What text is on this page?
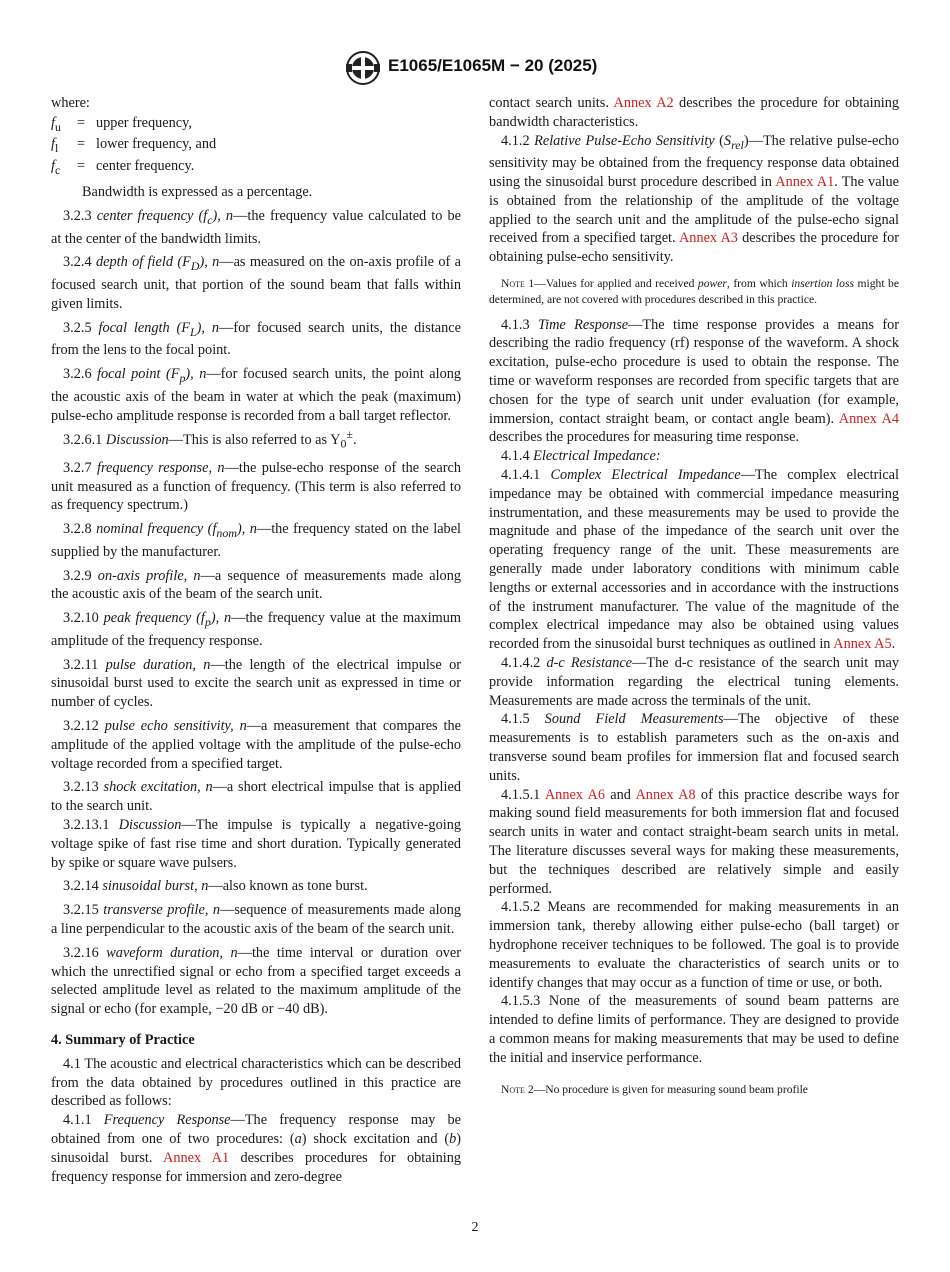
E1065/E1065M − 20 (2025)

where:

$f_u$	= upper frequency,
$f_l$	= lower frequency, and
$f_c$	= center frequency.

Bandwidth is expressed as a percentage.

3.2.3 center frequency $(f_c)$, n—the frequency value calculated to be at the center of the bandwidth limits.

3.2.4 depth of field $(F_D)$, n—as measured on the on-axis profile of a focused search unit, that portion of the sound beam that falls within given limits.

3.2.5 focal length $(F_L)$, n—for focused search units, the distance from the lens to the focal point.

3.2.6 focal point $(F_p)$, n—for focused search units, the point along the acoustic axis of the beam in water at which the peak (maximum) pulse-echo amplitude response is recorded from a ball target reflector.

3.2.6.1 Discussion—This is also referred to as $Y_0^\pm$.

3.2.7 frequency response, n—the pulse-echo response of the search unit measured as a function of frequency. (This term is also referred to as frequency spectrum.)

3.2.8 nominal frequency $(f_{nom})$, n—the frequency stated on the label supplied by the manufacturer.

3.2.9 on-axis profile, n—a sequence of measurements made along the acoustic axis of the beam of the search unit.

3.2.10 peak frequency $(f_p)$, n—the frequency value at the maximum amplitude of the frequency response.

3.2.11 pulse duration, n—the length of the electrical impulse or sinusoidal burst used to excite the search unit as expressed in time or number of cycles.

3.2.12 pulse echo sensitivity, n—a measurement that compares the amplitude of the applied voltage with the amplitude of the pulse-echo voltage recorded from a specified target.

3.2.13 shock excitation, n—a short electrical impulse that is applied to the search unit.

3.2.13.1 Discussion—The impulse is typically a negative-going voltage spike of fast rise time and short duration. Typically generated by spike or square wave pulsers.

3.2.14 sinusoidal burst, n—also known as tone burst.

3.2.15 transverse profile, n—sequence of measurements made along a line perpendicular to the acoustic axis of the beam of the search unit.

3.2.16 waveform duration, n—the time interval or duration over which the unrectified signal or echo from a specified target exceeds a selected amplitude level as related to the maximum amplitude of the signal or echo (for example, −20 dB or −40 dB).

4. Summary of Practice

4.1 The acoustic and electrical characteristics which can be described from the data obtained by procedures outlined in this practice are described as follows:

4.1.1 Frequency Response—The frequency response may be obtained from one of two procedures: (a) shock excitation and (b) sinusoidal burst. Annex A1 describes procedures for obtaining frequency response for immersion and zero-degree

contact search units. Annex A2 describes the procedure for obtaining bandwidth characteristics.

4.1.2 Relative Pulse-Echo Sensitivity $(S_{rel})—The$ relative pulse-echo sensitivity may be obtained from the frequency response data obtained using the sinusoidal burst procedure described in Annex A1. The value is obtained from the relationship of the amplitude of the voltage applied to the search unit and the amplitude of the pulse-echo signal received from a specified target. Annex A3 describes the procedure for obtaining pulse-echo sensitivity.

Note 1—Values for applied and received power, from which insertion loss might be determined, are not covered with procedures described in this practice.

4.1.3 Time Response—The time response provides a means for describing the radio frequency (rf) response of the waveform. A shock excitation, pulse-echo procedure is used to obtain the response. The time or waveform responses are recorded from specific targets that are chosen for the type of search unit under evaluation (for example, immersion, contact straight beam, or contact angle beam). Annex A4 describes the procedures for measuring time response.

4.1.4 Electrical Impedance:

4.1.4.1 Complex Electrical Impedance—The complex electrical impedance may be obtained with commercial impedance measuring instrumentation, and these measurements may be used to provide the magnitude and phase of the impedance of the search unit over the operating frequency range of the unit. These measurements are generally made under laboratory conditions with minimum cable lengths or external accessories and in accordance with the instructions of the instrument manufacturer. The value of the magnitude of the complex electrical impedance may also be obtained using values recorded from the sinusoidal burst techniques as outlined in Annex A5.

4.1.4.2 d-c Resistance—The d-c resistance of the search unit may provide information regarding the electrical tuning elements. Measurements are made across the terminals of the unit.

4.1.5 Sound Field Measurements—The objective of these measurements is to establish parameters such as the on-axis and transverse sound beam profiles for immersion flat and focused search units.

4.1.5.1 Annex A6 and Annex A8 of this practice describe ways for making sound field measurements for both immersion flat and focused search units in water and contact straight-beam search units in metal. The literature discusses several ways for making these measurements, but the techniques described are relatively simple and easily performed.

4.1.5.2 Means are recommended for making measurements in an immersion tank, thereby allowing either pulse-echo (ball target) or hydrophone receiver techniques to be followed. The goal is to provide measurements to evaluate the characteristics of search units or to identify changes that may occur as a function of time or use, or both.

4.1.5.3 None of the measurements of sound beam patterns are intended to define limits of performance. They are designed to provide a common means for making measurements that may be used to define the initial and inservice performance.

Note 2—No procedure is given for measuring sound beam profile

2
